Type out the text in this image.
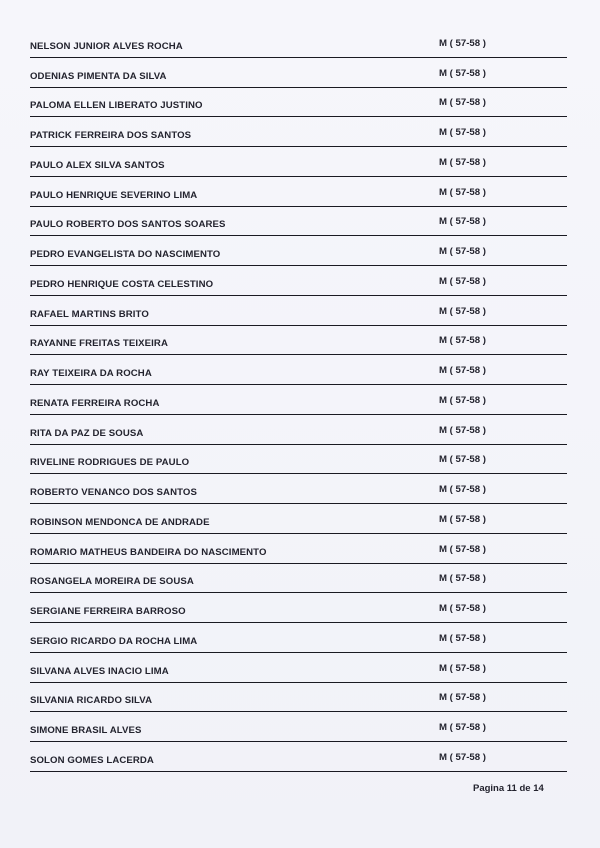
NELSON JUNIOR ALVES ROCHA	M ( 57-58 )
ODENIAS PIMENTA DA SILVA	M ( 57-58 )
PALOMA ELLEN LIBERATO JUSTINO	M ( 57-58 )
PATRICK FERREIRA DOS SANTOS	M ( 57-58 )
PAULO ALEX SILVA SANTOS	M ( 57-58 )
PAULO HENRIQUE SEVERINO LIMA	M ( 57-58 )
PAULO ROBERTO DOS SANTOS SOARES	M ( 57-58 )
PEDRO EVANGELISTA DO NASCIMENTO	M ( 57-58 )
PEDRO HENRIQUE COSTA CELESTINO	M ( 57-58 )
RAFAEL MARTINS BRITO	M ( 57-58 )
RAYANNE FREITAS TEIXEIRA	M ( 57-58 )
RAY TEIXEIRA DA ROCHA	M ( 57-58 )
RENATA FERREIRA ROCHA	M ( 57-58 )
RITA DA PAZ DE SOUSA	M ( 57-58 )
RIVELINE RODRIGUES DE PAULO	M ( 57-58 )
ROBERTO VENANCO DOS SANTOS	M ( 57-58 )
ROBINSON MENDONCA DE ANDRADE	M ( 57-58 )
ROMARIO MATHEUS BANDEIRA DO NASCIMENTO	M ( 57-58 )
ROSANGELA MOREIRA DE SOUSA	M ( 57-58 )
SERGIANE FERREIRA BARROSO	M ( 57-58 )
SERGIO RICARDO DA ROCHA LIMA	M ( 57-58 )
SILVANA ALVES INACIO LIMA	M ( 57-58 )
SILVANIA RICARDO SILVA	M ( 57-58 )
SIMONE BRASIL ALVES	M ( 57-58 )
SOLON GOMES LACERDA	M ( 57-58 )
Pagina 11 de 14
